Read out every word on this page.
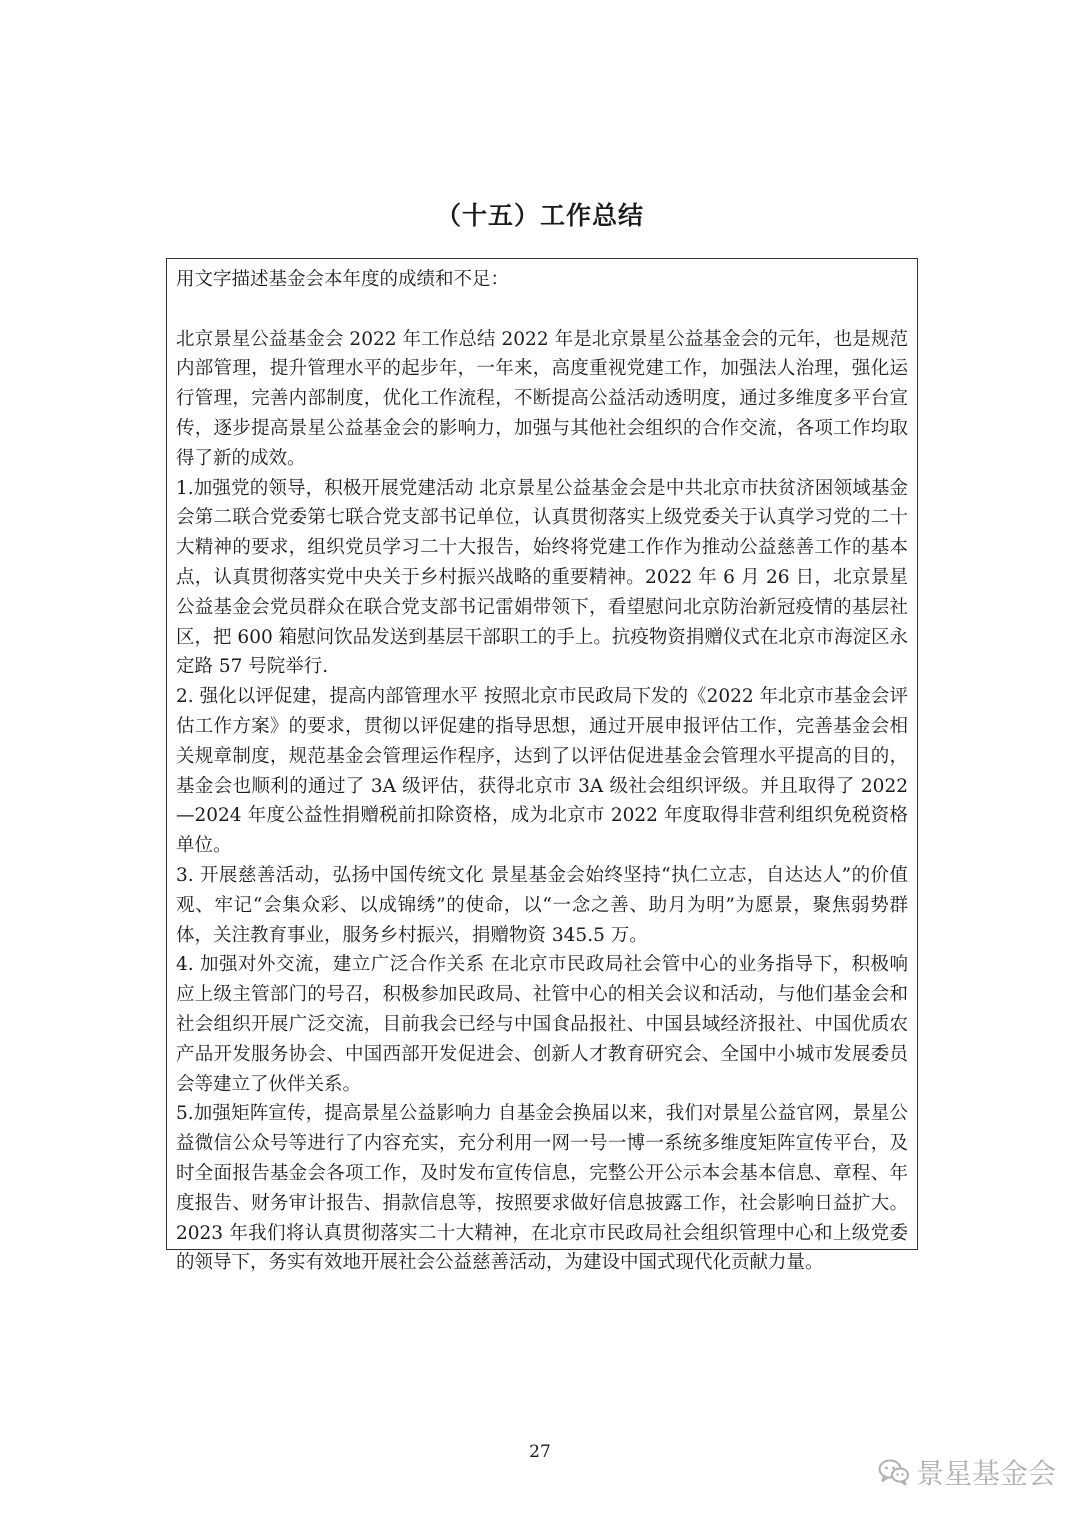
（十五）工作总结

用文字描述基金会本年度的成绩和不足：

北京景星公益基金会 2022 年工作总结 2022 年是北京景星公益基金会的元年，也是规范内部管理，提升管理水平的起步年，一年来，高度重视党建工作，加强法人治理，强化运行管理，完善内部制度，优化工作流程，不断提高公益活动透明度，通过多维度多平台宣传，逐步提高景星公益基金会的影响力，加强与其他社会组织的合作交流，各项工作均取得了新的成效。

1.加强党的领导，积极开展党建活动 北京景星公益基金会是中共北京市扶贫济困领域基金会第二联合党委第七联合党支部书记单位，认真贯彻落实上级党委关于认真学习党的二十大精神的要求，组织党员学习二十大报告，始终将党建工作作为推动公益慈善工作的基本点，认真贯彻落实党中央关于乡村振兴战略的重要精神。2022 年 6 月 26 日，北京景星公益基金会党员群众在联合党支部书记雷娟带领下，看望慰问北京防治新冠疫情的基层社区，把 600 箱慰问饮品发送到基层干部职工的手上。抗疫物资捐赠仪式在北京市海淀区永定路 57 号院举行.

2. 强化以评促建，提高内部管理水平 按照北京市民政局下发的《2022 年北京市基金会评估工作方案》的要求，贯彻以评促建的指导思想，通过开展申报评估工作，完善基金会相关规章制度，规范基金会管理运作程序，达到了以评估促进基金会管理水平提高的目的，基金会也顺利的通过了 3A 级评估，获得北京市 3A 级社会组织评级。并且取得了 2022—2024 年度公益性捐赠税前扣除资格，成为北京市 2022 年度取得非营利组织免税资格单位。

3. 开展慈善活动，弘扬中国传统文化 景星基金会始终坚持“执仁立志，自达达人”的价值观、牢记“会集众彩、以成锦绣”的使命，以“一念之善、助月为明”为愿景，聚焦弱势群体，关注教育事业，服务乡村振兴，捐赠物资 345.5 万。

4. 加强对外交流，建立广泛合作关系 在北京市民政局社会管中心的业务指导下，积极响应上级主管部门的号召，积极参加民政局、社管中心的相关会议和活动，与他们基金会和社会组织开展广泛交流，目前我会已经与中国食品报社、中国县域经济报社、中国优质农产品开发服务协会、中国西部开发促进会、创新人才教育研究会、全国中小城市发展委员会等建立了伙伴关系。

5.加强矩阵宣传，提高景星公益影响力 自基金会换届以来，我们对景星公益官网，景星公益微信公众号等进行了内容充实，充分利用一网一号一博一系统多维度矩阵宣传平台，及时全面报告基金会各项工作，及时发布宣传信息，完整公开公示本会基本信息、章程、年度报告、财务审计报告、捐款信息等，按照要求做好信息披露工作，社会影响日益扩大。 2023 年我们将认真贯彻落实二十大精神，在北京市民政局社会组织管理中心和上级党委的领导下，务实有效地开展社会公益慈善活动，为建设中国式现代化贡献力量。

27
景星基金会
